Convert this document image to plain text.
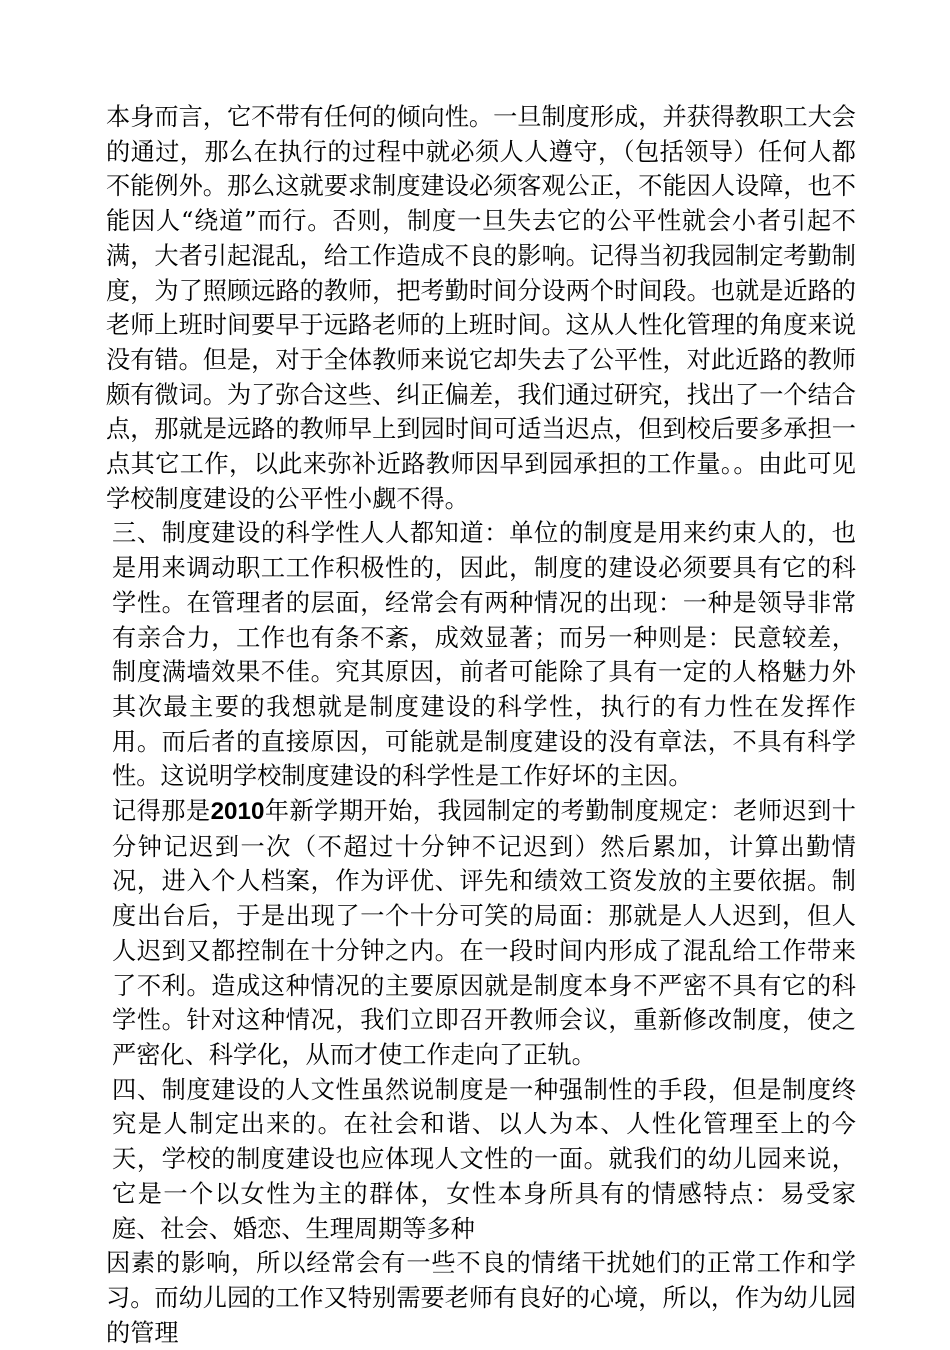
本身而言，它不带有任何的倾向性。一旦制度形成，并获得教职工大会的通过，那么在执行的过程中就必须人人遵守，（包括领导）任何人都不能例外。那么这就要求制度建设必须客观公正，不能因人设障，也不能因人“绕道”而行。否则，制度一旦失去它的公平性就会小者引起不满，大者引起混乱，给工作造成不良的影响。记得当初我园制定考勤制度，为了照顾远路的教师，把考勤时间分设两个时间段。也就是近路的老师上班时间要早于远路老师的上班时间。这从人性化管理的角度来说没有错。但是，对于全体教师来说它却失去了公平性，对此近路的教师颇有微词。为了弥合这些、纠正偏差，我们通过研究，找出了一个结合点，那就是远路的教师早上到园时间可适当迟点，但到校后要多承担一点其它工作，以此来弥补近路教师因早到园承担的工作量。。由此可见学校制度建设的公平性小觑不得。

三、制度建设的科学性人人都知道：单位的制度是用来约束人的，也是用来调动职工工作积极性的，因此，制度的建设必须要具有它的科学性。在管理者的层面，经常会有两种情况的出现：一种是领导非常有亲合力，工作也有条不紊，成效显著；而另一种则是：民意较差，制度满墙效果不佳。究其原因，前者可能除了具有一定的人格魅力外其次最主要的我想就是制度建设的科学性，执行的有力性在发挥作用。而后者的直接原因，可能就是制度建设的没有章法，不具有科学性。这说明学校制度建设的科学性是工作好坏的主因。

记得那是2010年新学期开始，我园制定的考勤制度规定：老师迟到十分钟记迟到一次（不超过十分钟不记迟到）然后累加，计算出勤情况，进入个人档案，作为评优、评先和绩效工资发放的主要依据。制度出台后，于是出现了一个十分可笑的局面：那就是人人迟到，但人人迟到又都控制在十分钟之内。在一段时间内形成了混乱给工作带来了不利。造成这种情况的主要原因就是制度本身不严密不具有它的科学性。针对这种情况，我们立即召开教师会议，重新修改制度，使之严密化、科学化，从而才使工作走向了正轨。

四、制度建设的人文性虽然说制度是一种强制性的手段，但是制度终究是人制定出来的。在社会和谐、以人为本、人性化管理至上的今天，学校的制度建设也应体现人文性的一面。就我们的幼儿园来说，它是一个以女性为主的群体，女性本身所具有的情感特点：易受家庭、社会、婚恋、生理周期等多种

因素的影响，所以经常会有一些不良的情绪干扰她们的正常工作和学习。而幼儿园的工作又特别需要老师有良好的心境，所以，作为幼儿园的管理
